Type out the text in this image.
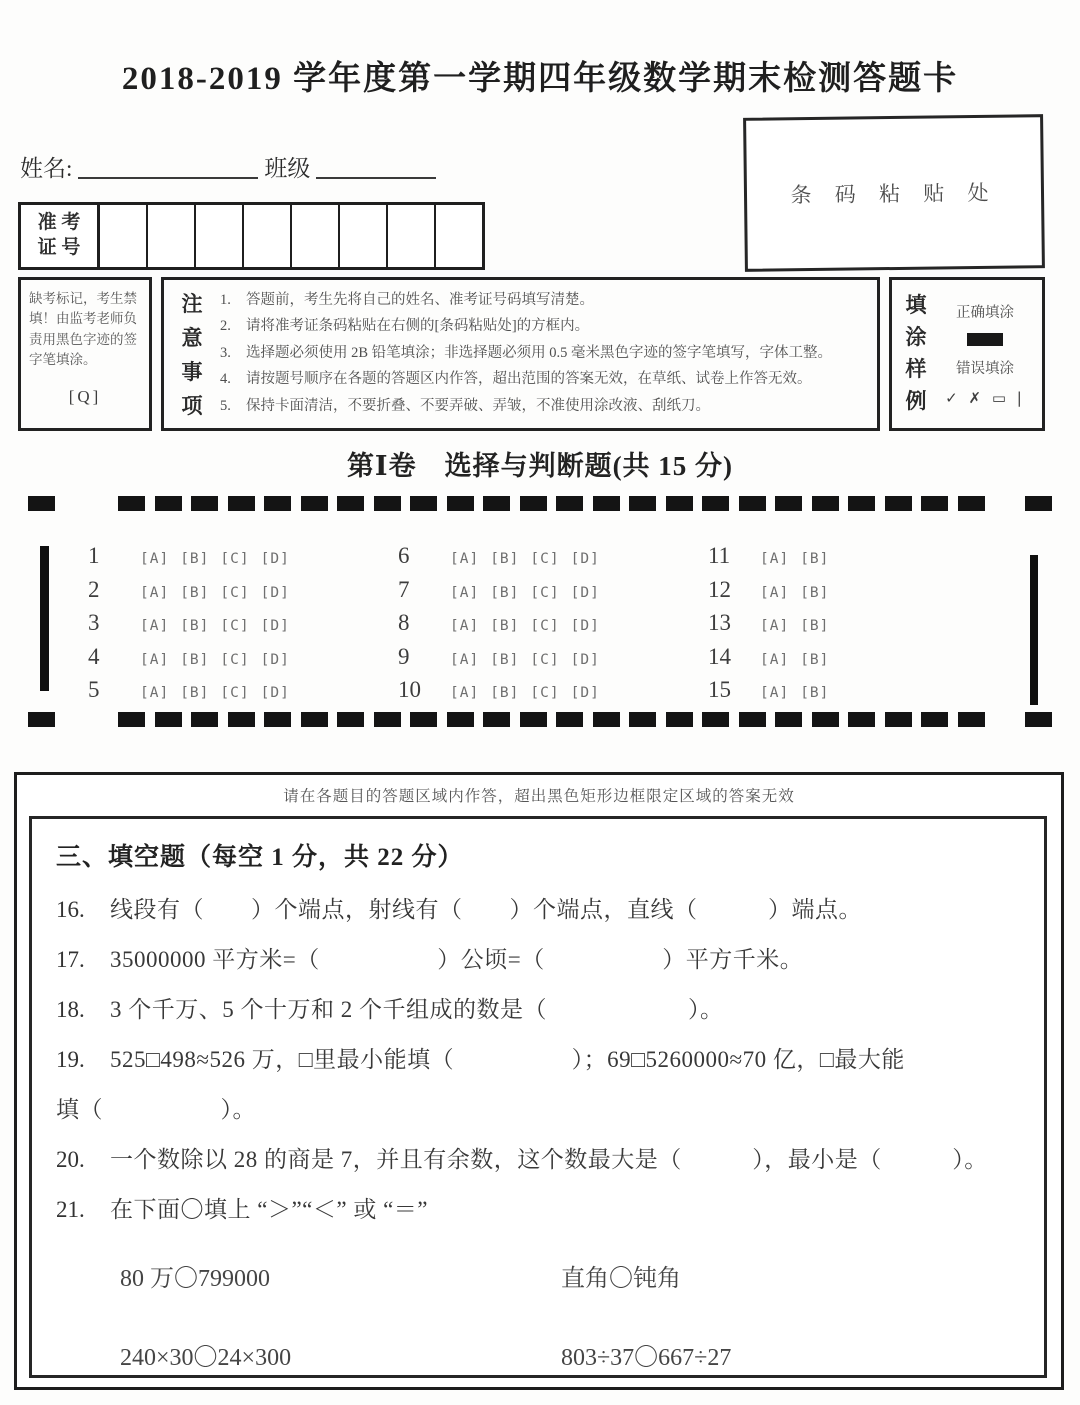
2018-2019 学年度第一学期四年级数学期末检测答题卡
姓名:	班级
条 码 粘 贴 处
准 考
证 号
缺考标记，考生禁填！由监考老师负责用黑色字迹的签字笔填涂。
[Q]
注
意
事
项
1.	答题前，考生先将自己的姓名、准考证号码填写清楚。
2.	请将准考证条码粘贴在右侧的[条码粘贴处]的方框内。
3.	选择题必须使用 2B 铅笔填涂；非选择题必须用 0.5 毫米黑色字迹的签字笔填写，字体工整。
4.	请按题号顺序在各题的答题区内作答，超出范围的答案无效，在草纸、试卷上作答无效。
5.	保持卡面清洁，不要折叠、不要弄破、弄皱，不准使用涂改液、刮纸刀。
填
涂
样
例
正确填涂
错误填涂
✓ ✗ ▭ |
第Ⅰ卷　选择与判断题(共 15 分)
1	[A] [B] [C] [D]
2	[A] [B] [C] [D]
3	[A] [B] [C] [D]
4	[A] [B] [C] [D]
5	[A] [B] [C] [D]
6	[A] [B] [C] [D]
7	[A] [B] [C] [D]
8	[A] [B] [C] [D]
9	[A] [B] [C] [D]
10	[A] [B] [C] [D]
11	[A] [B]
12	[A] [B]
13	[A] [B]
14	[A] [B]
15	[A] [B]
请在各题目的答题区域内作答，超出黑色矩形边框限定区域的答案无效
三、填空题（每空 1 分，共 22 分）
16.	线段有（　　）个端点，射线有（　　）个端点，直线（　　　）端点。
17.	35000000 平方米=（　　　　　）公顷=（　　　　　）平方千米。
18.	3 个千万、5 个十万和 2 个千组成的数是（　　　　　　）。
19.	525□498≈526 万，□里最小能填（　　　　　）；69□5260000≈70 亿，□最大能
填（　　　　　）。
20.	一个数除以 28 的商是 7，并且有余数，这个数最大是（　　　），最小是（　　　）。
21.	在下面〇填上 “＞”“＜” 或 “＝”
80 万〇799000	直角〇钝角
240×30〇24×300	803÷37〇667÷27
